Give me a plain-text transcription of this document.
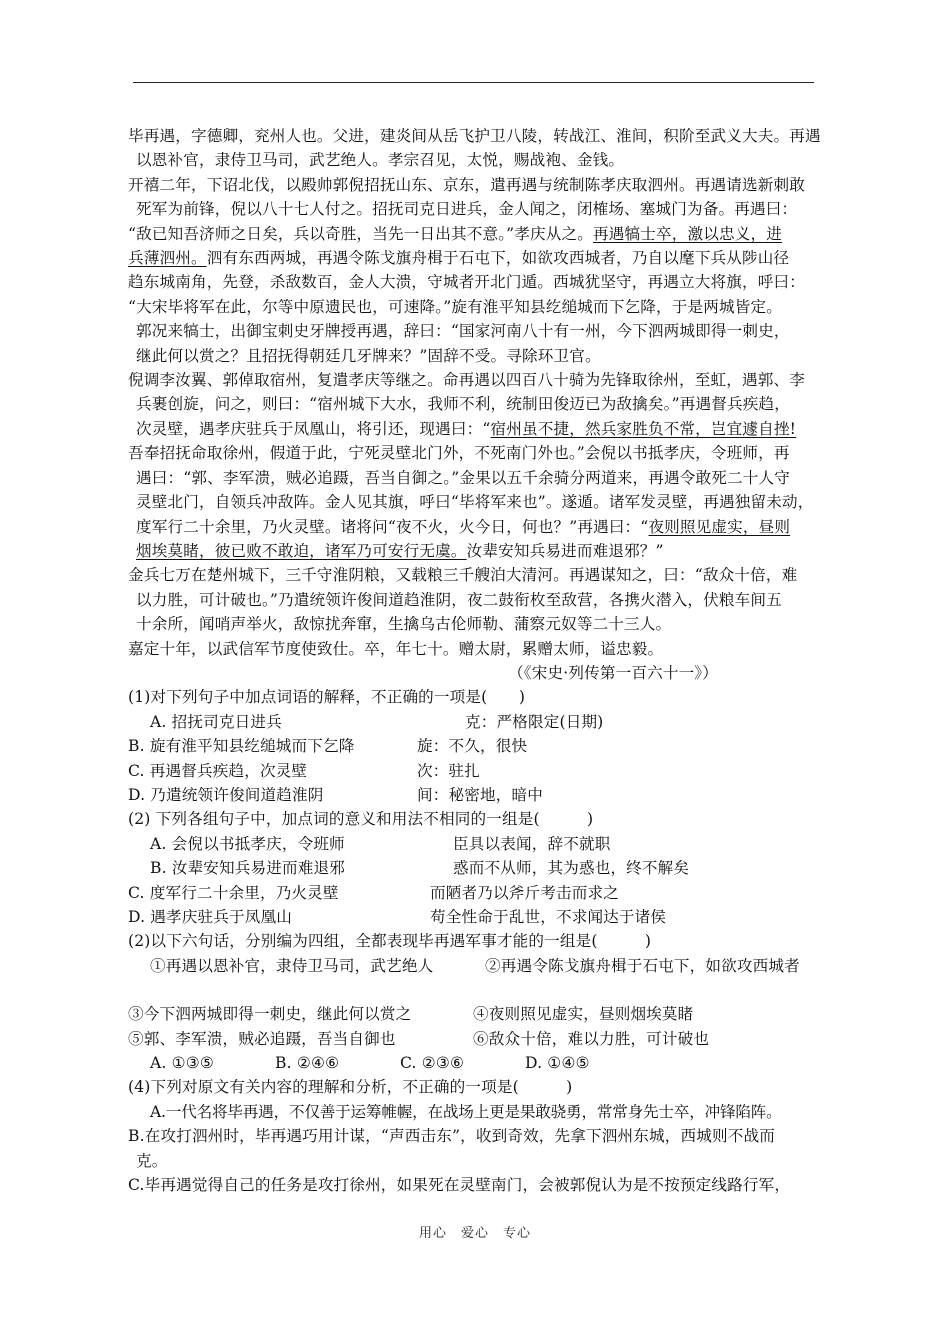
毕再遇，字德卿，兖州人也。父进，建炎间从岳飞护卫八陵，转战江、淮间，积阶至武义大夫。再遇

以恩补官，隶侍卫马司，武艺绝人。孝宗召见，太悦，赐战袍、金钱。

开禧二年，下诏北伐，以殿帅郭倪招抚山东、京东，遣再遇与统制陈孝庆取泗州。再遇请选新刺敢

死军为前锋，倪以八十七人付之。招抚司克日进兵，金人闻之，闭榷场、塞城门为备。再遇曰：

“敌已知吾济师之日矣，兵以奇胜，当先一日出其不意。”孝庆从之。再遇犒士卒，激以忠义，进

兵薄泗州。泗有东西两城，再遇令陈戈旗舟楫于石屯下，如欲攻西城者，乃自以麾下兵从陟山径

趋东城南角，先登，杀敌数百，金人大溃，守城者开北门遁。西城犹坚守，再遇立大将旗，呼曰：

“大宋毕将军在此，尔等中原遗民也，可速降。”旋有淮平知县纥缒城而下乞降，于是两城皆定。

郭况来犒士，出御宝刺史牙牌授再遇，辞曰：“国家河南八十有一州，今下泗两城即得一刺史，

继此何以赏之？且招抚得朝廷几牙牌来？”固辞不受。寻除环卫官。

倪调李汝翼、郭倬取宿州，复遣孝庆等继之。命再遇以四百八十骑为先锋取徐州，至虹，遇郭、李

兵裹创旋，问之，则曰：“宿州城下大水，我师不利，统制田俊迈已为敌擒矣。”再遇督兵疾趋，

次灵壁，遇孝庆驻兵于凤凰山，将引还，现遇曰：“宿州虽不捷，然兵家胜负不常，岂宜遽自挫!

吾奉招抚命取徐州，假道于此，宁死灵壁北门外，不死南门外也。”会倪以书抵孝庆，令班师，再

遇曰：“郭、李军溃，贼必追蹑，吾当自御之。”金果以五千余骑分两道来，再遇令敢死二十人守

灵壁北门，自领兵冲敌阵。金人见其旗，呼曰“毕将军来也”。遂遁。诸军发灵壁，再遇独留未动，

度军行二十余里，乃火灵壁。诸将问“夜不火，火今日，何也？”再遇曰：“夜则照见虚实，昼则

烟埃莫睹，彼已败不敢迫，诸军乃可安行无虞。汝辈安知兵易进而难退邪？”

金兵七万在楚州城下，三千守淮阴粮，又载粮三千艘泊大清河。再遇谋知之，曰：“敌众十倍，难

以力胜，可计破也。”乃遣统领许俊间道趋淮阴，夜二鼓衔枚至敌营，各携火潜入，伏粮车间五

十余所，闻哨声举火，敌惊扰奔窜，生擒乌古伦师勒、蒲察元奴等二十三人。

嘉定十年，以武信军节度使致仕。卒，年七十。赠太尉，累赠太师，谥忠毅。

（《宋史·列传第一百六十一》）

(1)对下列句子中加点词语的解释，不正确的一项是(　　)

A. 招抚司克日进兵	克：严格限定(日期)
B. 旋有淮平知县纥缒城而下乞降	旋：不久，很快
C. 再遇督兵疾趋，次灵壁	次：驻扎
D. 乃遣统领许俊间道趋淮阴	间：秘密地，暗中

(2) 下列各组句子中，加点词的意义和用法不相同的一组是(　　　)

A. 会倪以书抵孝庆，令班师	臣具以表闻，辞不就职
B. 汝辈安知兵易进而难退邪	惑而不从师，其为惑也，终不解矣
C. 度军行二十余里，乃火灵壁	而陋者乃以斧斤考击而求之
D. 遇孝庆驻兵于凤凰山	苟全性命于乱世，不求闻达于诸侯

(2)以下六句话，分别编为四组，全都表现毕再遇军事才能的一组是(　　　)

①再遇以恩补官，隶侍卫马司，武艺绝人	②再遇令陈戈旗舟楫于石屯下，如欲攻西城者
③今下泗两城即得一刺史，继此何以赏之	④夜则照见虚实，昼则烟埃莫睹
⑤郭、李军溃，贼必追蹑，吾当自御也	⑥敌众十倍，难以力胜，可计破也
A. ①③⑤	B. ②④⑥	C. ②③⑥	D. ①④⑤

(4)下列对原文有关内容的理解和分析，不正确的一项是(　　　)

A.一代名将毕再遇，不仅善于运筹帷幄，在战场上更是果敢骁勇，常常身先士卒，冲锋陷阵。

B.在攻打泗州时，毕再遇巧用计谋，“声西击东”，收到奇效，先拿下泗州东城，西城则不战而

克。

C.毕再遇觉得自己的任务是攻打徐州，如果死在灵壁南门，会被郭倪认为是不按预定线路行军，

用心　爱心　专心
